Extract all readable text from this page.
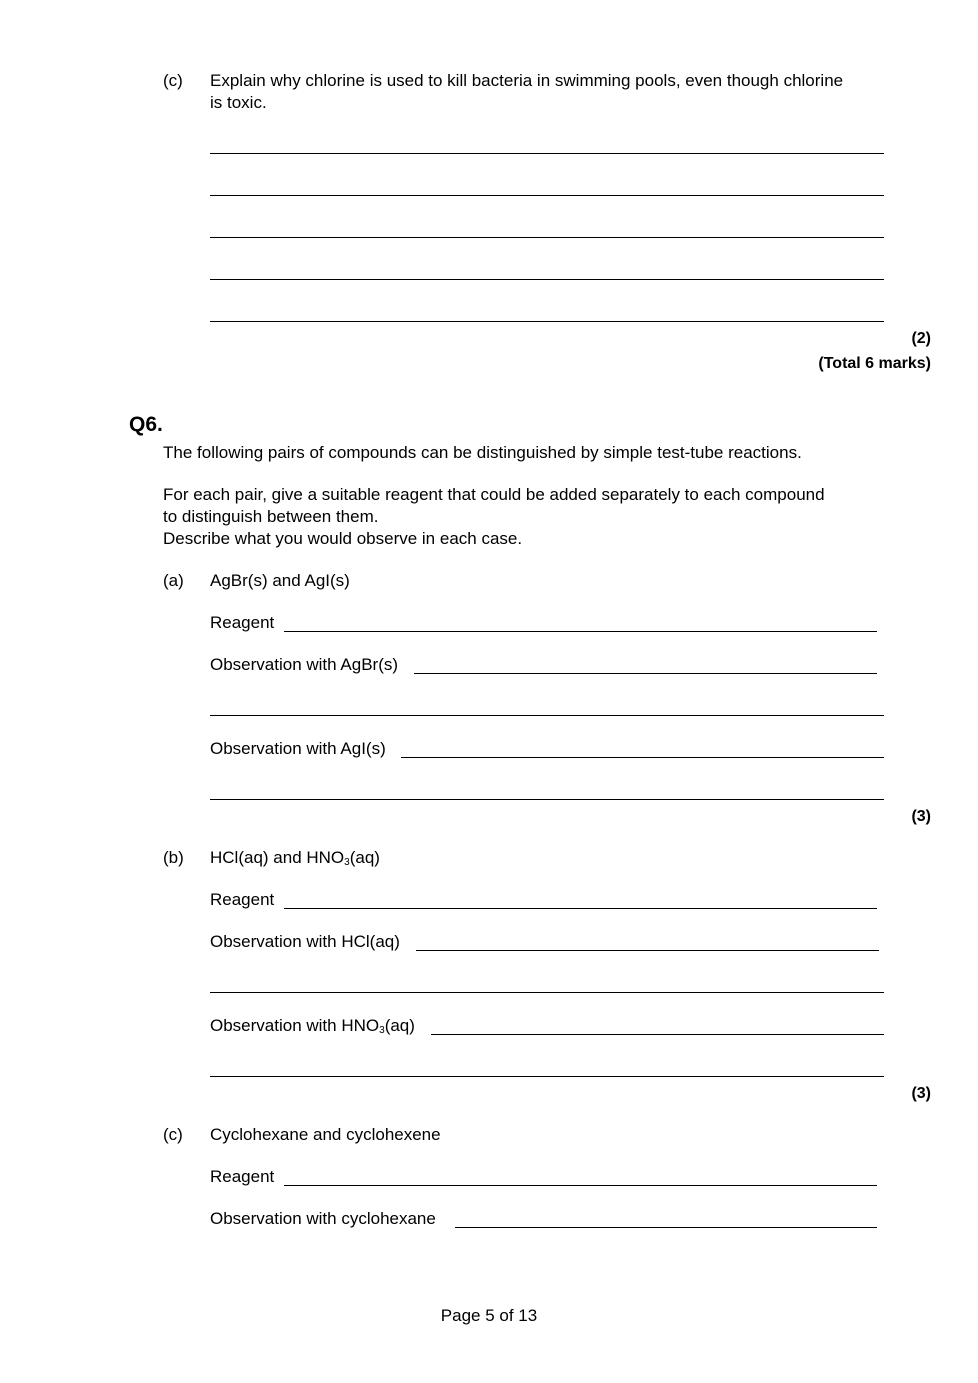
(c) Explain why chlorine is used to kill bacteria in swimming pools, even though chlorine
is toxic.
(2)
(Total 6 marks)
Q6.
The following pairs of compounds can be distinguished by simple test-tube reactions.
For each pair, give a suitable reagent that could be added separately to each compound
to distinguish between them.
Describe what you would observe in each case.
(a) AgBr(s) and AgI(s)
Reagent
Observation with AgBr(s)
Observation with AgI(s)
(3)
(b) HCl(aq) and $HNO_3(aq)$
Reagent
Observation with HCl(aq)
Observation with $HNO_3(aq)$
(3)
(c) Cyclohexane and cyclohexene
Reagent
Observation with cyclohexane
Page 5 of 13
